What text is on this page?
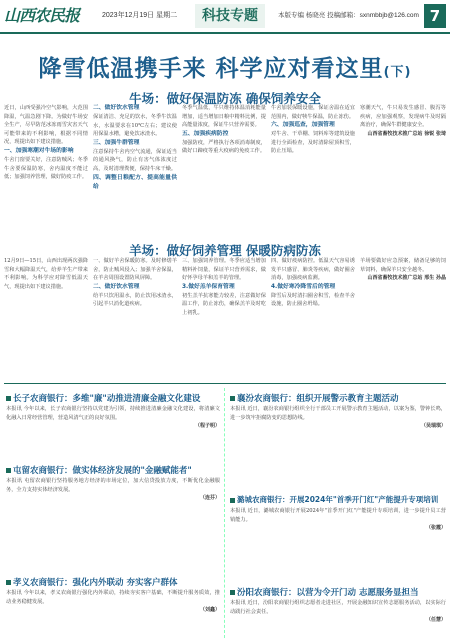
山西农民报	2023年12月19日 星期二	科技专题	本版专编 杨晓亮 投稿邮箱：sxnmbbjb@126.com 7
降雪低温携手来 科学应对看这里(下)
牛场：做好保温防冻 确保饲养安全
近日，山西受强冷空气影响，大范围降温，气温急剧下降。为做好牛场安全生产，尽早防范冰冻雨雪灾害天气可能带来的不利影响，根据不同情况，现提出如下建议措施。
一、加强寒潮对牛场的影响
牛舍门窗要关好，注意防贼风；冬季牛舍要保温防寒，舍内温度不能过低；加强饲养管理，做好防疫工作。
二、做好饮水管理
保证清洁、充足的饮水，冬季牛饮温水，水温要求在10℃左右；建议使用保温水槽，避免饮冰渣水。
三、加强牛群管理
注意保持牛舍内空气流通，保证适当的通风换气，防止有害气体浓度过高，及时清理粪便，保持牛床干燥。
四、调整日粮配方、提高能量供给
冬季气温低，牛只维持体温消耗能量增加，适当增加日粮中精料比例，提高能量浓度，保证牛只营养需要。
五、加强疾病防控
加强防疫，严格执行各项消毒制度，做好口蹄疫等重大疫病的免疫工作。
牛舍加装保暖设施，保证舍温在适宜范围内，做好犊牛保温，防止冻伤。
六、加强巡查，加强管理
对牛舍、干草棚、饲料库等建筑设施进行全面检查，及时清除屋顶积雪，防止压塌。
寒潮天气，牛只易发生感冒、腹泻等疾病，应加强观察，发现病牛及时隔离治疗，确保牛群健康安全。
山西省畜牧技术推广总站 徐锐 张琦
羊场：做好饲养管理 保暖防病防冻
12月9日—15日，山西出现两次强降雪和大幅降温天气，给养羊生产带来不利影响。为科学应对降雪低温天气，现提出如下建议措施。
一、做好羊舍保暖防寒。及时修缮羊舍，防止贼风侵入；加强羊舍保温，在羊舍周围设置防风屏障。
二、做好饮水管理
给羊只饮用温水，防止饮用冰渣水，引起羊只消化道疾病。
三、加强饲养管理。冬季应适当增加精料补饲量，保证羊只营养需求，做好怀孕母羊和羔羊的管理。
3.做好羔羊保育管理
初生羔羊抗寒能力较差，注意做好保温工作，防止冻伤，确保羔羊及时吃上初乳。
四、做好疫病防控。低温天气容易诱发羊只感冒、肺炎等疾病，做好圈舍消毒，加强疫病监测。
4.做好寒冷降雪后的管理
降雪后及时清扫圈舍积雪，检查羊舍设施，防止圈舍坍塌。
羊场要做好应急预案，储备足够的饲草饲料，确保羊只安全越冬。
山西省畜牧技术推广总站 邢生 孙晶
长子农商银行：多维"廉"动推进清廉金融文化建设
本报讯 今年以来，长子农商银行坚持以党建为引领，持续推进清廉金融文化建设，将清廉文化融入日常经营管理，营造风清气正的良好氛围。
（程子明）
屯留农商银行：做实体经济发展的"金融赋能者"
本报讯 屯留农商银行坚持服务地方经济的市场定位，加大信贷投放力度，不断优化金融服务，全力支持实体经济发展。
（连芬）
孝义农商银行：强化内外联动 夯实客户群体
本报讯 今年以来，孝义农商银行强化内外联动，持续夯实客户基础，不断提升服务质效，推动业务稳健发展。
（刘鑫）
襄汾农商银行：组织开展警示教育主题活动
本报讯 近日，襄汾农商银行组织全行干部员工开展警示教育主题活动，以案为鉴，警钟长鸣，进一步筑牢拒腐防变的思想防线。
（吴瑞琪）
潞城农商银行：开展2024年"首季开门红"产能提升专项培训
本报讯 近日，潞城农商银行开展2024年"首季开门红"产能提升专项培训，进一步提升员工营销能力。
（张霞）
汾阳农商银行：以营为令开门动 志愿服务显担当
本报讯 近日，汾阳农商银行组织志愿者走进社区，开展金融知识宣传志愿服务活动，以实际行动践行社会责任。
（任慧）
